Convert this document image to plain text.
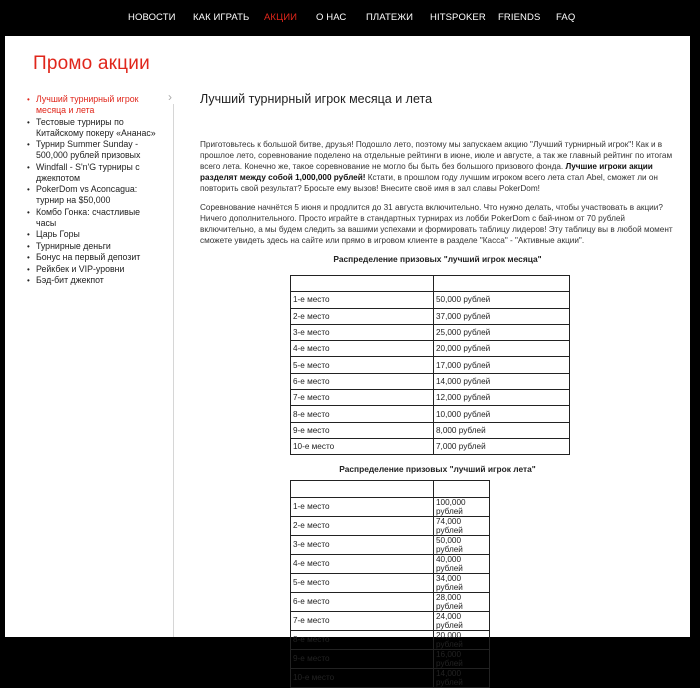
НОВОСТИ КАК ИГРАТЬ АКЦИИ О НАС ПЛАТЕЖИ HITSPOKER FRIENDS FAQ
Промо акции
• Лучший турнирный игрок месяца и лета
• Тестовые турниры по Китайскому покеру «Ананас»
• Турнир Summer Sunday - 500,000 рублей призовых
• Windfall - S'n'G турниры с джекпотом
• PokerDom vs Aconcagua: турнир на $50,000
• Комбо Гонка: счастливые часы
• Царь Горы
• Турнирные деньги
• Бонус на первый депозит
• Рейкбек и VIP-уровни
• Бэд-бит джекпот
› Лучший турнирный игрок месяца и лета

Приготовьтесь к большой битве, друзья! Подошло лето, поэтому мы запускаем акцию "Лучший турнирный игрок"! Как и в прошлое лето, соревнование поделено на отдельные рейтинги в июне, июле и августе, а так же главный рейтинг по итогам всего лета. Конечно же, такое соревнование не могло бы быть без большого призового фонда. Лучшие игроки акции разделят между собой 1,000,000 рублей! Кстати, в прошлом году лучшим игроком всего лета стал Abel, сможет ли он повторить свой результат? Бросьте ему вызов! Внесите своё имя в зал славы PokerDom!

Соревнование начнётся 5 июня и продлится до 31 августа включительно. Что нужно делать, чтобы участвовать в акции? Ничего дополнительного. Просто играйте в стандартных турнирах из лобби PokerDom с бай-ином от 70 рублей включительно, а мы будем следить за вашими успехами и формировать таблицу лидеров! Эту таблицу вы в любой момент сможете увидеть здесь на сайте или прямо в игровом клиенте в разделе "Касса" - "Активные акции".

Распределение призовых "лучший игрок месяца"

1-е место	50,000 рублей
2-е место	37,000 рублей
3-е место	25,000 рублей
4-е место	20,000 рублей
5-е место	17,000 рублей
6-е место	14,000 рублей
7-е место	12,000 рублей
8-е место	10,000 рублей
9-е место	8,000 рублей
10-е место	7,000 рублей
Распределение призовых "лучший игрок лета"

1-е место	100,000 рублей
2-е место	74,000 рублей
3-е место	50,000 рублей
4-е место	40,000 рублей
5-е место	34,000 рублей
6-е место	28,000 рублей
7-е место	24,000 рублей
8-е место	20,000 рублей
9-е место	16,000 рублей
10-е место	14,000 рублей
